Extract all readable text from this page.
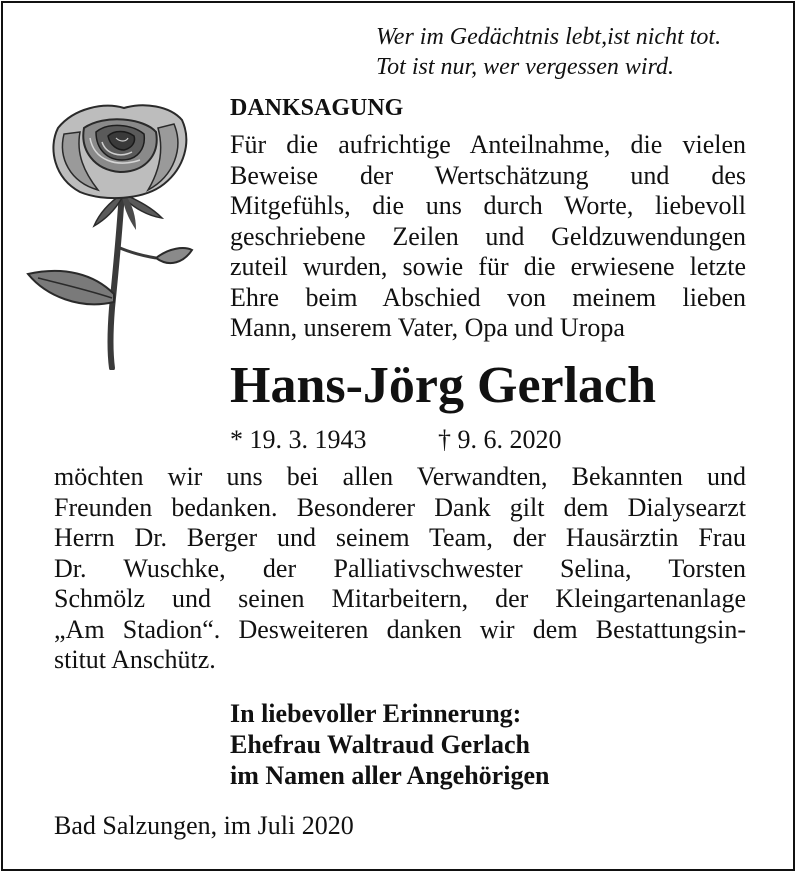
Wer im Gedächtnis lebt,ist nicht tot.
Tot ist nur, wer vergessen wird.
DANKSAGUNG
Für die aufrichtige Anteilnahme, die vielen
Beweise der Wertschätzung und des
Mitgefühls, die uns durch Worte, liebevoll
geschriebene Zeilen und Geldzuwendungen
zuteil wurden, sowie für die erwiesene letzte
Ehre beim Abschied von meinem lieben
Mann, unserem Vater, Opa und Uropa
Hans-Jörg Gerlach
* 19. 3. 1943	† 9. 6. 2020
möchten wir uns bei allen Verwandten, Bekannten und
Freunden bedanken. Besonderer Dank gilt dem Dialysearzt
Herrn Dr. Berger und seinem Team, der Hausärztin Frau
Dr. Wuschke, der Palliativschwester Selina, Torsten
Schmölz und seinen Mitarbeitern, der Kleingartenanlage
„Am Stadion“. Desweiteren danken wir dem Bestattungsin-
stitut Anschütz.
In liebevoller Erinnerung:
Ehefrau Waltraud Gerlach
im Namen aller Angehörigen
Bad Salzungen, im Juli 2020
